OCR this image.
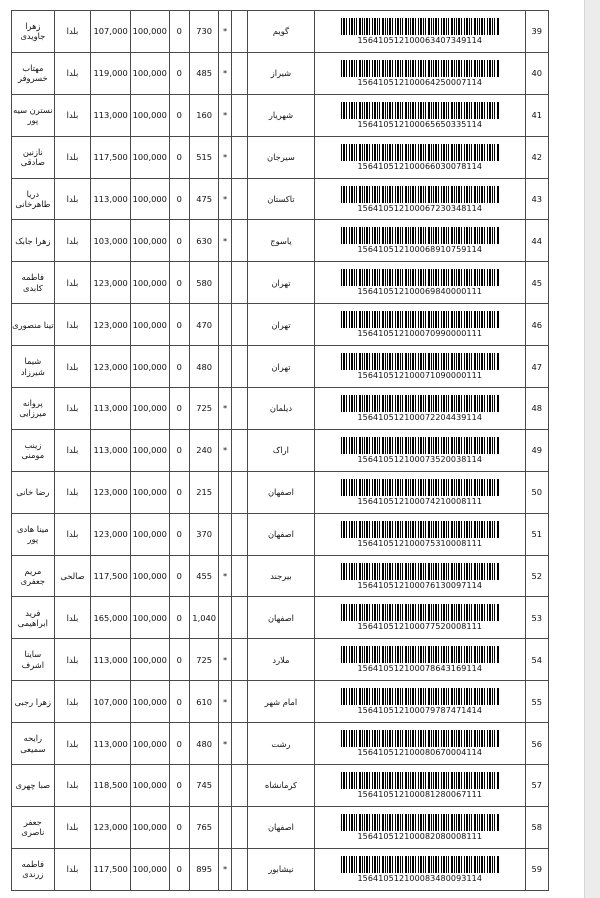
زهرا جاویدی	بلدا	107,000	100,000	0	730	*		گویم	156410512100063407349114	39
مهتاب خسروفر	بلدا	119,000	100,000	0	485	*		شیراز	156410512100064250007114	40
نسترن سیه پور	بلدا	113,000	100,000	0	160	*		شهریار	156410512100065650335114	41
نازنین صادقی	بلدا	117,500	100,000	0	515	*		سیرجان	156410512100066030078114	42
دریا طاهرخانی	بلدا	113,000	100,000	0	475	*		تاکستان	156410512100067230348114	43
زهرا جابک	بلدا	103,000	100,000	0	630	*		یاسوج	156410512100068910759114	44
فاطمه کابدی	بلدا	123,000	100,000	0	580			تهران	156410512100069840000111	45
تینا منصوری	بلدا	123,000	100,000	0	470			تهران	156410512100070990000111	46
شیما شیرزاد	بلدا	123,000	100,000	0	480			تهران	156410512100071090000111	47
پروانه میرزایی	بلدا	113,000	100,000	0	725	*		دیلمان	156410512100072204439114	48
زینب مومنی	بلدا	113,000	100,000	0	240	*		اراک	156410512100073520038114	49
رضا خانی	بلدا	123,000	100,000	0	215			اصفهان	156410512100074210008111	50
مینا هادی پور	بلدا	123,000	100,000	0	370			اصفهان	156410512100075310008111	51
مریم جعفری	صالحی	117,500	100,000	0	455	*		بیرجند	156410512100076130097114	52
فرید ابراهیمی	بلدا	165,000	100,000	0	1,040			اصفهان	156410512100077520008111	53
ساینا اشرف	بلدا	113,000	100,000	0	725	*		ملارد	156410512100078643169114	54
زهرا رجبی	بلدا	107,000	100,000	0	610	*		امام شهر	156410512100079787471414	55
رایحه سمیعی	بلدا	113,000	100,000	0	480	*		رشت	156410512100080670004114	56
صبا چهری	بلدا	118,500	100,000	0	745			کرمانشاه	156410512100081280067111	57
جعفر ناصری	بلدا	123,000	100,000	0	765			اصفهان	156410512100082080008111	58
فاطمه زرندی	بلدا	117,500	100,000	0	895	*		نیشابور	156410512100083480093114	59
